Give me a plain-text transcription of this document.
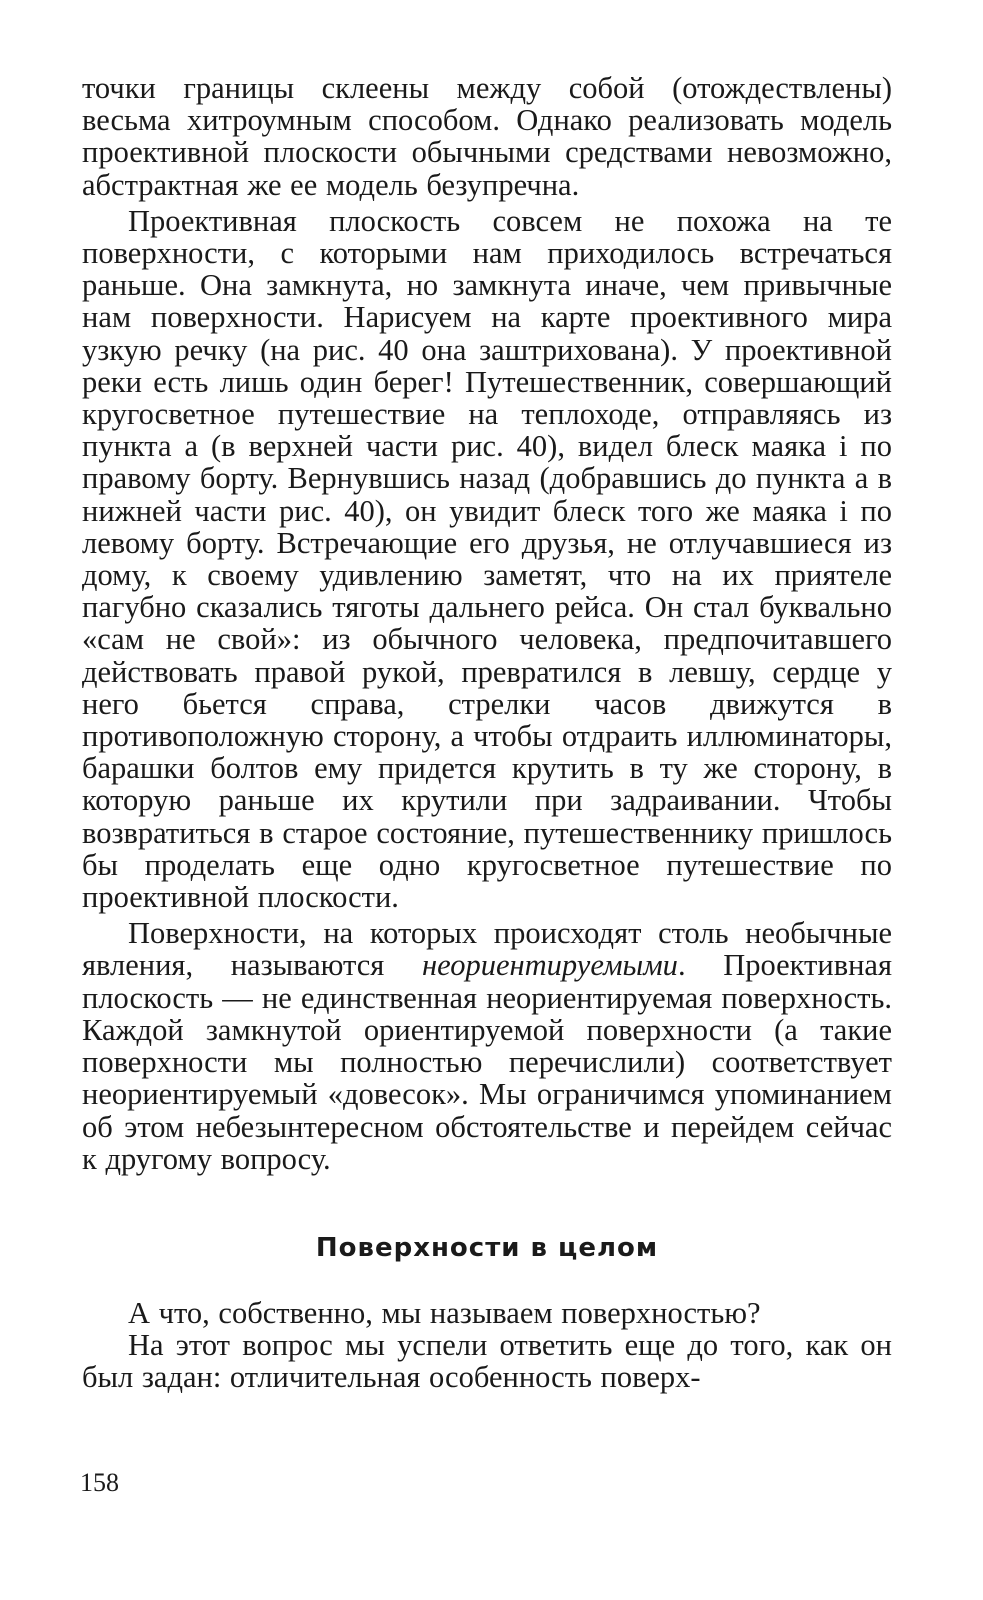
точки границы склеены между собой (отождествлены) весьма хитроумным способом. Однако реализовать модель проективной плоскости обычными средствами невозможно, абстрактная же ее модель безупречна.

Проективная плоскость совсем не похожа на те поверхности, с которыми нам приходилось встречаться раньше. Она замкнута, но замкнута иначе, чем привычные нам поверхности. Нарисуем на карте проективного мира узкую речку (на рис. 40 она заштрихована). У проективной реки есть лишь один берег! Путешественник, совершающий кругосветное путешествие на теплоходе, отправляясь из пункта a (в верхней части рис. 40), видел блеск маяка i по правому борту. Вернувшись назад (добравшись до пункта a в нижней части рис. 40), он увидит блеск того же маяка i по левому борту. Встречающие его друзья, не отлучавшиеся из дому, к своему удивлению заметят, что на их приятеле пагубно сказались тяготы дальнего рейса. Он стал буквально «сам не свой»: из обычного человека, предпочитавшего действовать правой рукой, превратился в левшу, сердце у него бьется справа, стрелки часов движутся в противоположную сторону, а чтобы отдраить иллюминаторы, барашки болтов ему придется крутить в ту же сторону, в которую раньше их крутили при задраивании. Чтобы возвратиться в старое состояние, путешественнику пришлось бы проделать еще одно кругосветное путешествие по проективной плоскости.

Поверхности, на которых происходят столь необычные явления, называются неориентируемыми. Проективная плоскость — не единственная неориентируемая поверхность. Каждой замкнутой ориентируемой поверхности (а такие поверхности мы полностью перечислили) соответствует неориентируемый «довесок». Мы ограничимся упоминанием об этом небезынтересном обстоятельстве и перейдем сейчас к другому вопросу.

Поверхности в целом

А что, собственно, мы называем поверхностью?

На этот вопрос мы успели ответить еще до того, как он был задан: отличительная особенность поверх-

158
